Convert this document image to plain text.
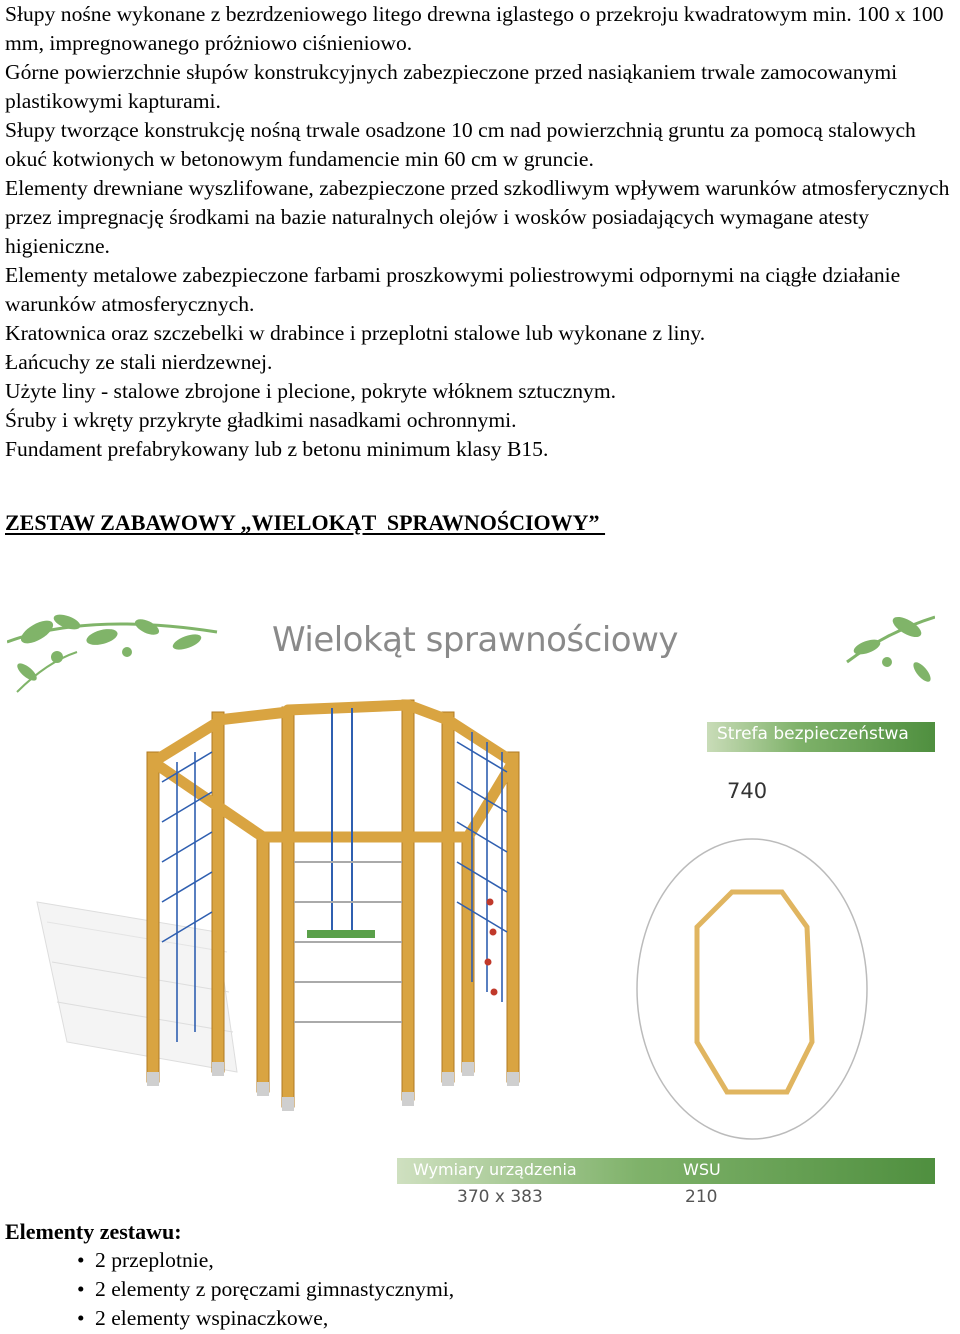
Słupy nośne wykonane z bezrdzeniowego litego drewna iglastego o przekroju kwadratowym min. 100 x 100 mm, impregnowanego próżniowo ciśnieniowo.

Górne powierzchnie słupów konstrukcyjnych zabezpieczone przed nasiąkaniem trwale zamocowanymi plastikowymi kapturami.

Słupy tworzące konstrukcję nośną trwale osadzone 10 cm nad powierzchnią gruntu za pomocą stalowych okuć kotwionych w betonowym fundamencie min 60 cm w gruncie.

Elementy drewniane wyszlifowane, zabezpieczone przed szkodliwym wpływem warunków atmosferycznych przez impregnację środkami na bazie naturalnych olejów i wosków posiadających wymagane atesty higieniczne.

Elementy metalowe zabezpieczone farbami proszkowymi poliestrowymi odpornymi na ciągłe działanie warunków atmosferycznych.

Kratownica oraz szczebelki w drabince i przeplotni stalowe lub wykonane z liny.

Łańcuchy ze stali nierdzewnej.

Użyte liny - stalowe zbrojone i plecione, pokryte włóknem sztucznym.

Śruby i wkręty przykryte gładkimi nasadkami ochronnymi.

Fundament prefabrykowany lub z betonu minimum klasy B15.

ZESTAW ZABAWOWY „WIELOKĄT  SPRAWNOŚCIOWY”
Wielokąt sprawnościowy
Strefa bezpieczeństwa
740
Wymiary urządzenia	WSU
370 x 383	210
Elementy zestawu:
• 2 przeplotnie,
• 2 elementy z poręczami gimnastycznymi,
• 2 elementy wspinaczkowe,
